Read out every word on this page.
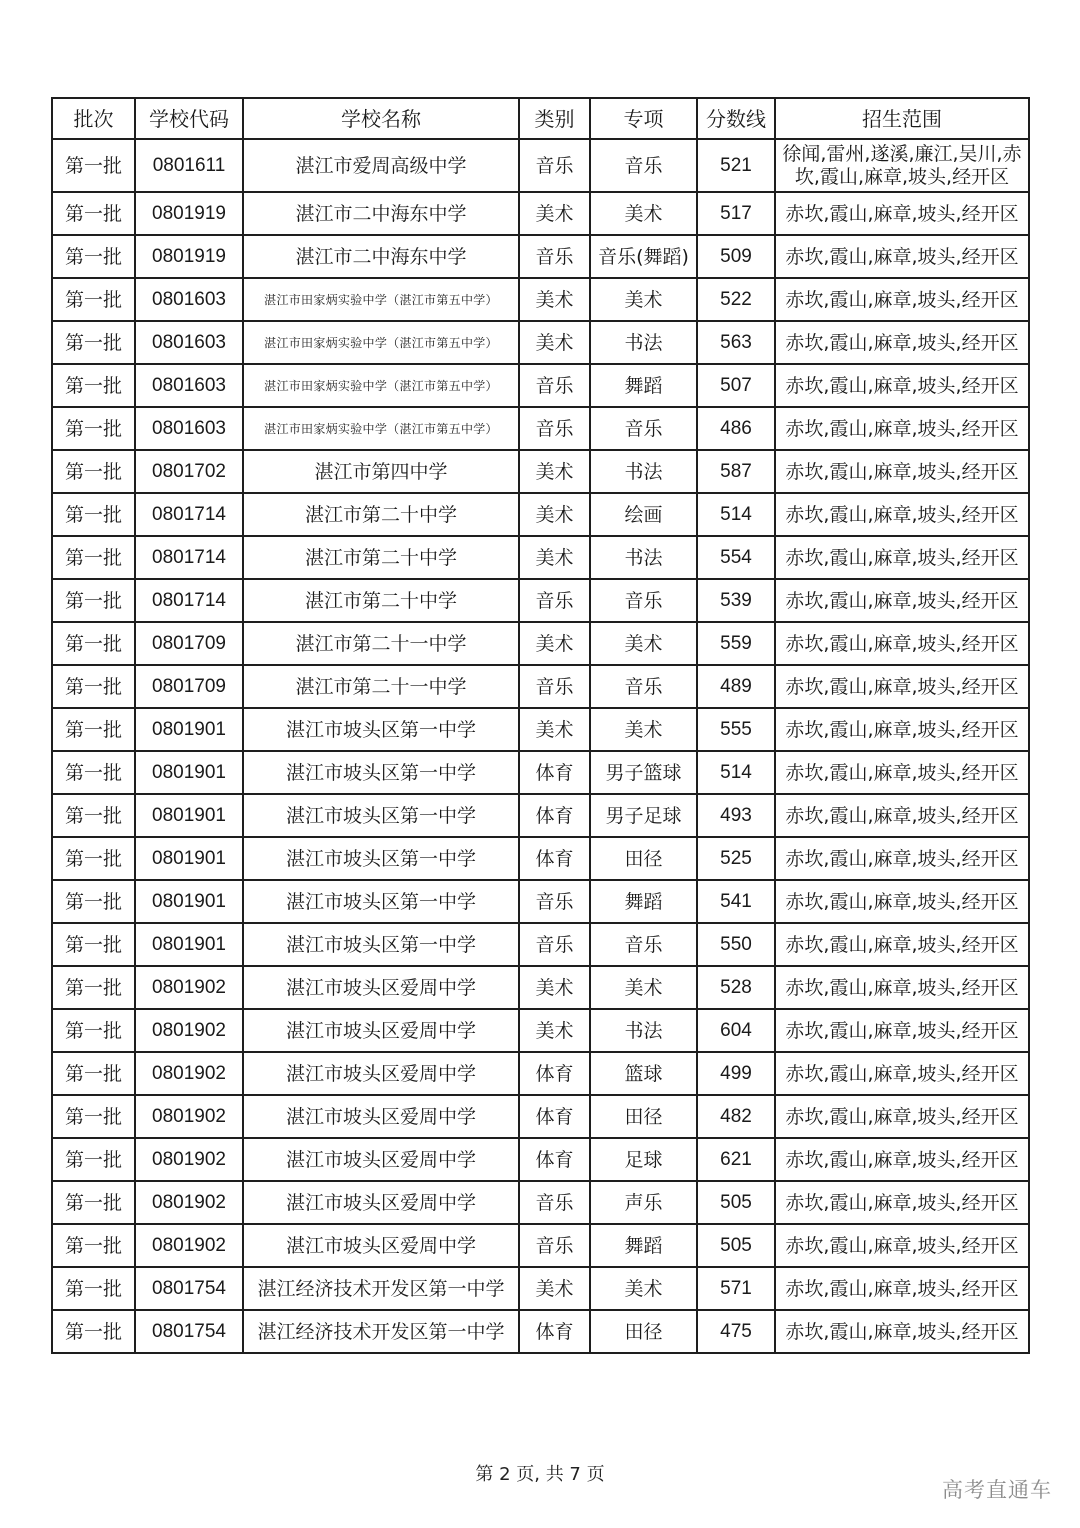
批次	学校代码	学校名称	类别	专项	分数线	招生范围
第一批	0801611	湛江市爱周高级中学	音乐	音乐	521	徐闻,雷州,遂溪,廉江,吴川,赤坎,霞山,麻章,坡头,经开区
第一批	0801919	湛江市二中海东中学	美术	美术	517	赤坎,霞山,麻章,坡头,经开区
第一批	0801919	湛江市二中海东中学	音乐	音乐(舞蹈)	509	赤坎,霞山,麻章,坡头,经开区
第一批	0801603	湛江市田家炳实验中学（湛江市第五中学）	美术	美术	522	赤坎,霞山,麻章,坡头,经开区
第一批	0801603	湛江市田家炳实验中学（湛江市第五中学）	美术	书法	563	赤坎,霞山,麻章,坡头,经开区
第一批	0801603	湛江市田家炳实验中学（湛江市第五中学）	音乐	舞蹈	507	赤坎,霞山,麻章,坡头,经开区
第一批	0801603	湛江市田家炳实验中学（湛江市第五中学）	音乐	音乐	486	赤坎,霞山,麻章,坡头,经开区
第一批	0801702	湛江市第四中学	美术	书法	587	赤坎,霞山,麻章,坡头,经开区
第一批	0801714	湛江市第二十中学	美术	绘画	514	赤坎,霞山,麻章,坡头,经开区
第一批	0801714	湛江市第二十中学	美术	书法	554	赤坎,霞山,麻章,坡头,经开区
第一批	0801714	湛江市第二十中学	音乐	音乐	539	赤坎,霞山,麻章,坡头,经开区
第一批	0801709	湛江市第二十一中学	美术	美术	559	赤坎,霞山,麻章,坡头,经开区
第一批	0801709	湛江市第二十一中学	音乐	音乐	489	赤坎,霞山,麻章,坡头,经开区
第一批	0801901	湛江市坡头区第一中学	美术	美术	555	赤坎,霞山,麻章,坡头,经开区
第一批	0801901	湛江市坡头区第一中学	体育	男子篮球	514	赤坎,霞山,麻章,坡头,经开区
第一批	0801901	湛江市坡头区第一中学	体育	男子足球	493	赤坎,霞山,麻章,坡头,经开区
第一批	0801901	湛江市坡头区第一中学	体育	田径	525	赤坎,霞山,麻章,坡头,经开区
第一批	0801901	湛江市坡头区第一中学	音乐	舞蹈	541	赤坎,霞山,麻章,坡头,经开区
第一批	0801901	湛江市坡头区第一中学	音乐	音乐	550	赤坎,霞山,麻章,坡头,经开区
第一批	0801902	湛江市坡头区爱周中学	美术	美术	528	赤坎,霞山,麻章,坡头,经开区
第一批	0801902	湛江市坡头区爱周中学	美术	书法	604	赤坎,霞山,麻章,坡头,经开区
第一批	0801902	湛江市坡头区爱周中学	体育	篮球	499	赤坎,霞山,麻章,坡头,经开区
第一批	0801902	湛江市坡头区爱周中学	体育	田径	482	赤坎,霞山,麻章,坡头,经开区
第一批	0801902	湛江市坡头区爱周中学	体育	足球	621	赤坎,霞山,麻章,坡头,经开区
第一批	0801902	湛江市坡头区爱周中学	音乐	声乐	505	赤坎,霞山,麻章,坡头,经开区
第一批	0801902	湛江市坡头区爱周中学	音乐	舞蹈	505	赤坎,霞山,麻章,坡头,经开区
第一批	0801754	湛江经济技术开发区第一中学	美术	美术	571	赤坎,霞山,麻章,坡头,经开区
第一批	0801754	湛江经济技术开发区第一中学	体育	田径	475	赤坎,霞山,麻章,坡头,经开区
第 2 页, 共 7 页
高考直通车
